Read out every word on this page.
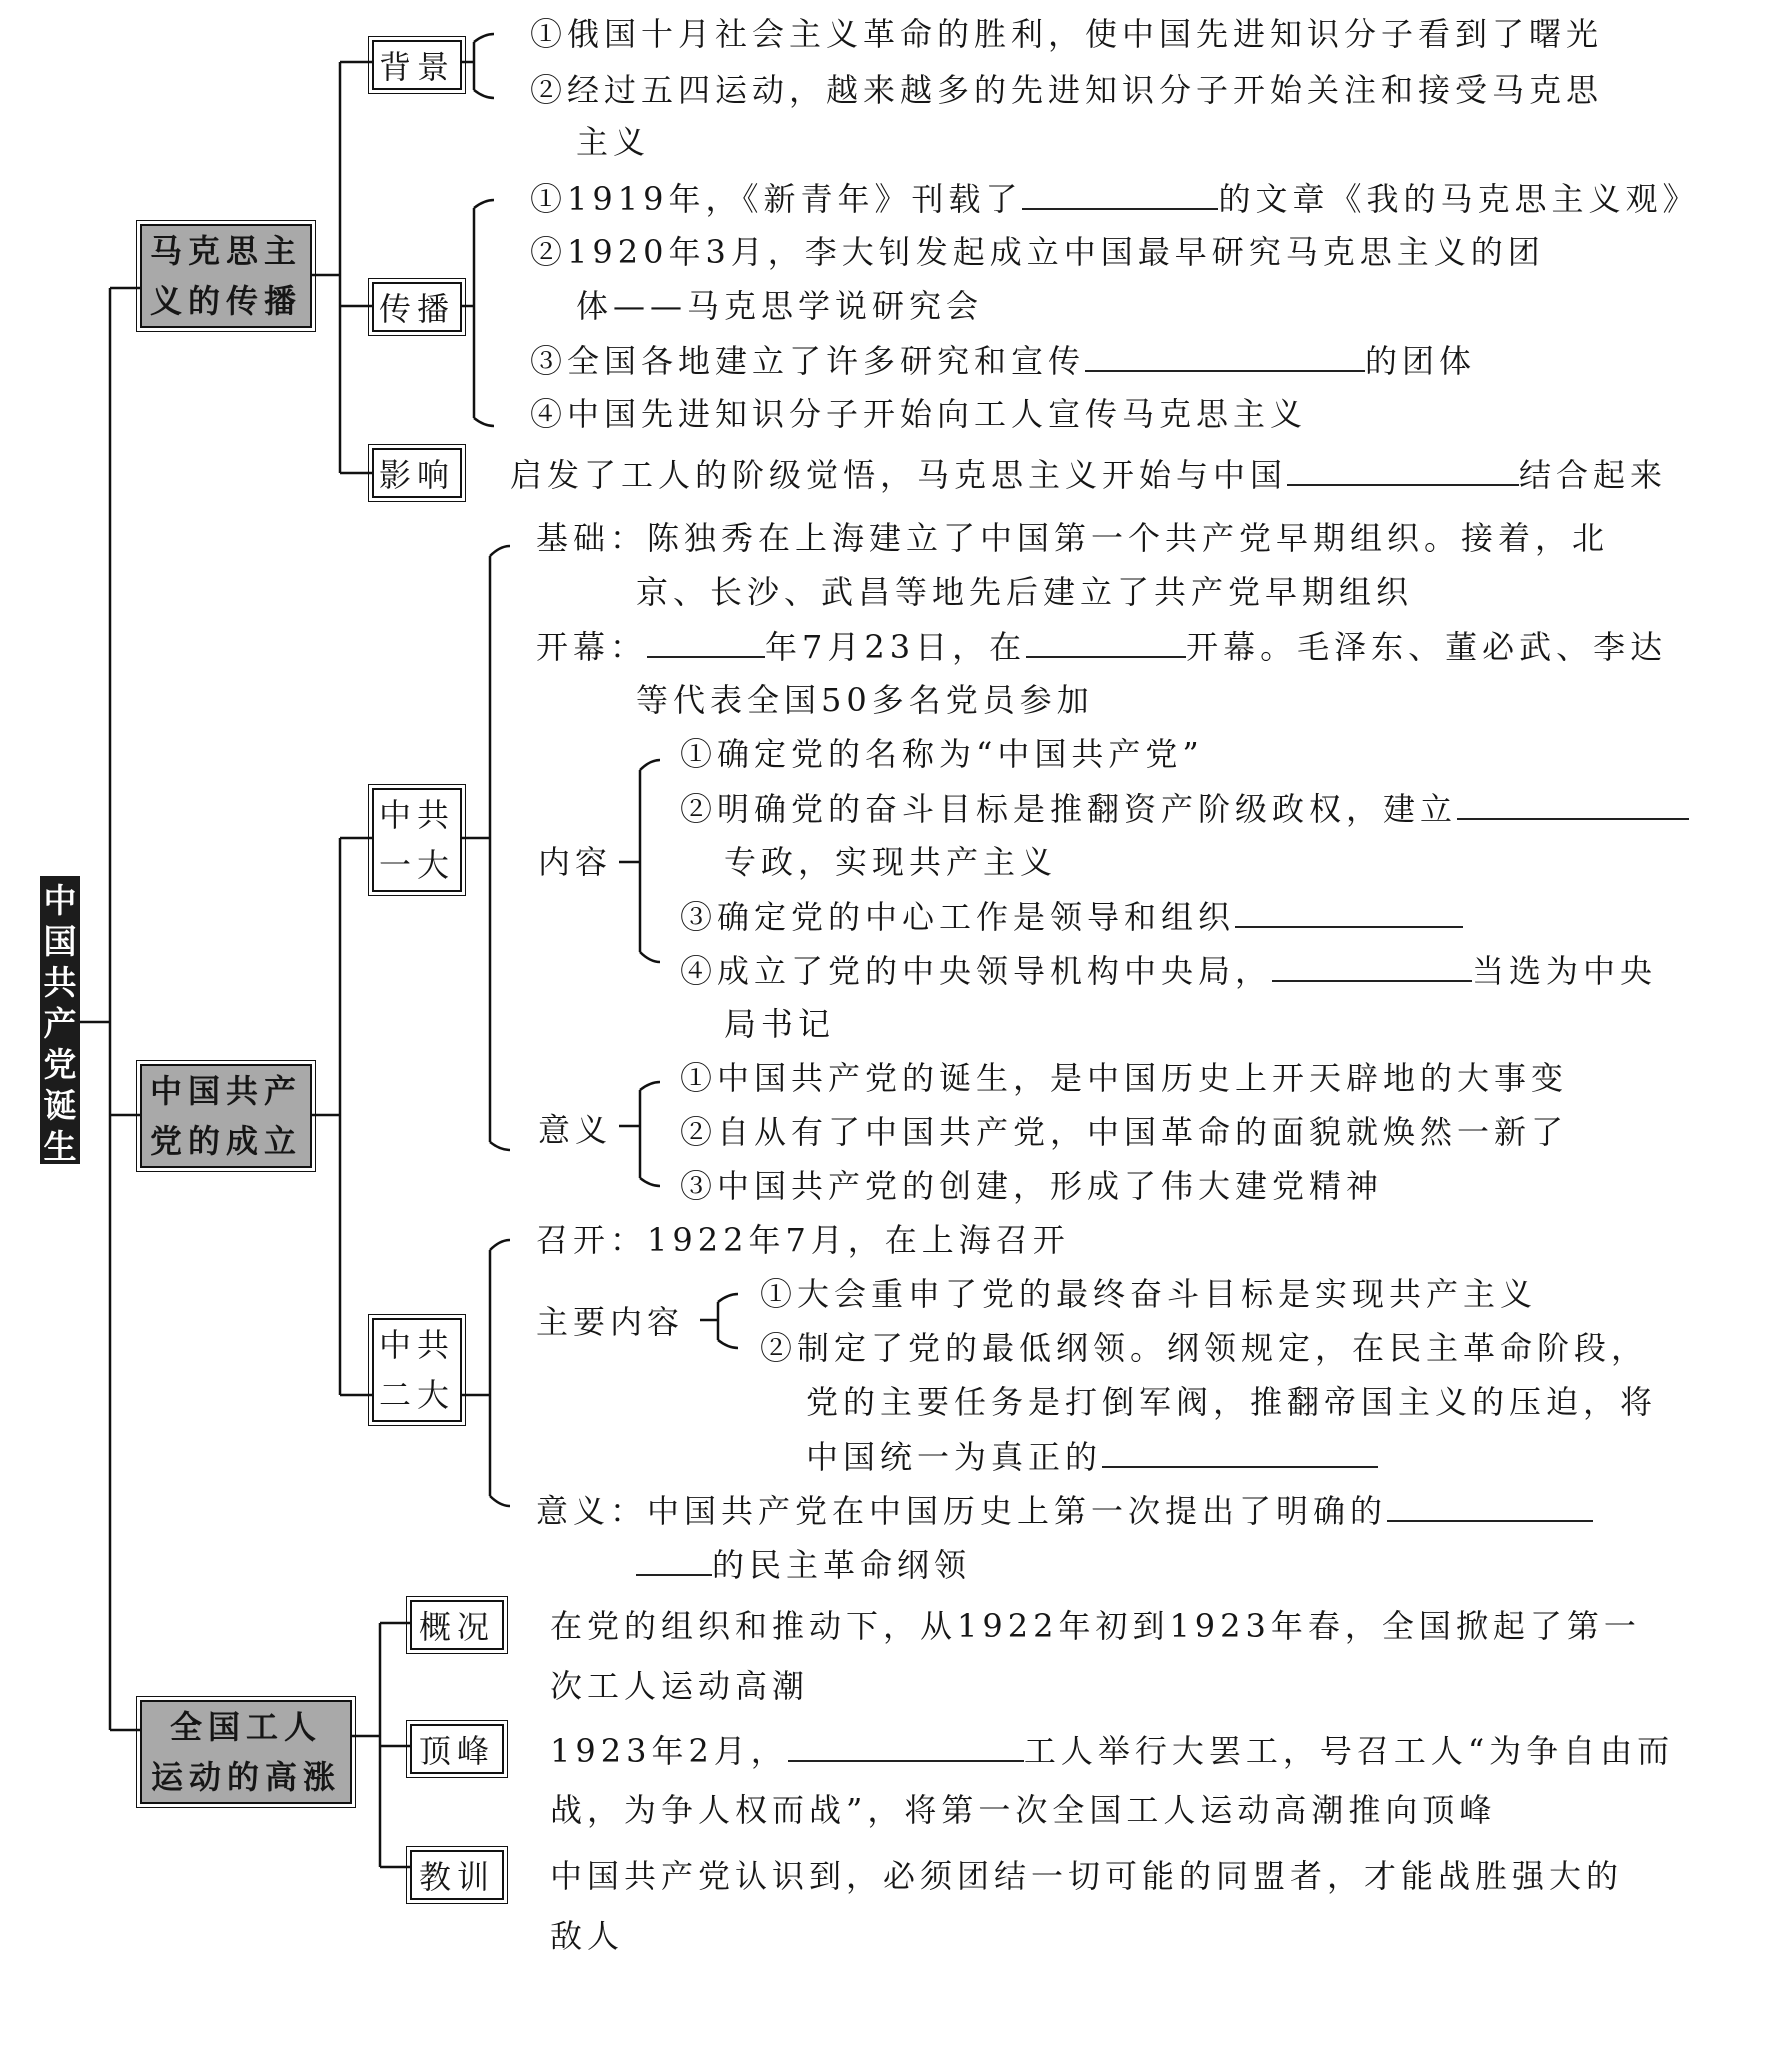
中国共产党诞生
马克思主
义的传播
背景
①俄国十月社会主义革命的胜利，使中国先进知识分子看到了曙光
②经过五四运动，越来越多的先进知识分子开始关注和接受马克思
主义
传播
①1919年，《新青年》刊载了	的文章《我的马克思主义观》
②1920年3月，李大钊发起成立中国最早研究马克思主义的团
体——马克思学说研究会
③全国各地建立了许多研究和宣传	的团体
④中国先进知识分子开始向工人宣传马克思主义
影响 启发了工人的阶级觉悟，马克思主义开始与中国	结合起来
中国共产
党的成立
中共
一大
基础：陈独秀在上海建立了中国第一个共产党早期组织。接着，北
京、长沙、武昌等地先后建立了共产党早期组织
开幕：	年7月23日，在	开幕。毛泽东、董必武、李达
等代表全国50多名党员参加
内容
①确定党的名称为“中国共产党”
②明确党的奋斗目标是推翻资产阶级政权，建立
专政，实现共产主义
③确定党的中心工作是领导和组织
④成立了党的中央领导机构中央局，	当选为中央
局书记
意义
①中国共产党的诞生，是中国历史上开天辟地的大事变
②自从有了中国共产党，中国革命的面貌就焕然一新了
③中国共产党的创建，形成了伟大建党精神
中共
二大
召开：1922年7月，在上海召开
主要内容
①大会重申了党的最终奋斗目标是实现共产主义
②制定了党的最低纲领。纲领规定，在民主革命阶段，
党的主要任务是打倒军阀，推翻帝国主义的压迫，将
中国统一为真正的
意义：中国共产党在中国历史上第一次提出了明确的
的民主革命纲领
全国工人
运动的高涨
概况 在党的组织和推动下，从1922年初到1923年春，全国掀起了第一
次工人运动高潮
顶峰 1923年2月，	工人举行大罢工，号召工人“为争自由而
战，为争人权而战”，将第一次全国工人运动高潮推向顶峰
教训 中国共产党认识到，必须团结一切可能的同盟者，才能战胜强大的
敌人
